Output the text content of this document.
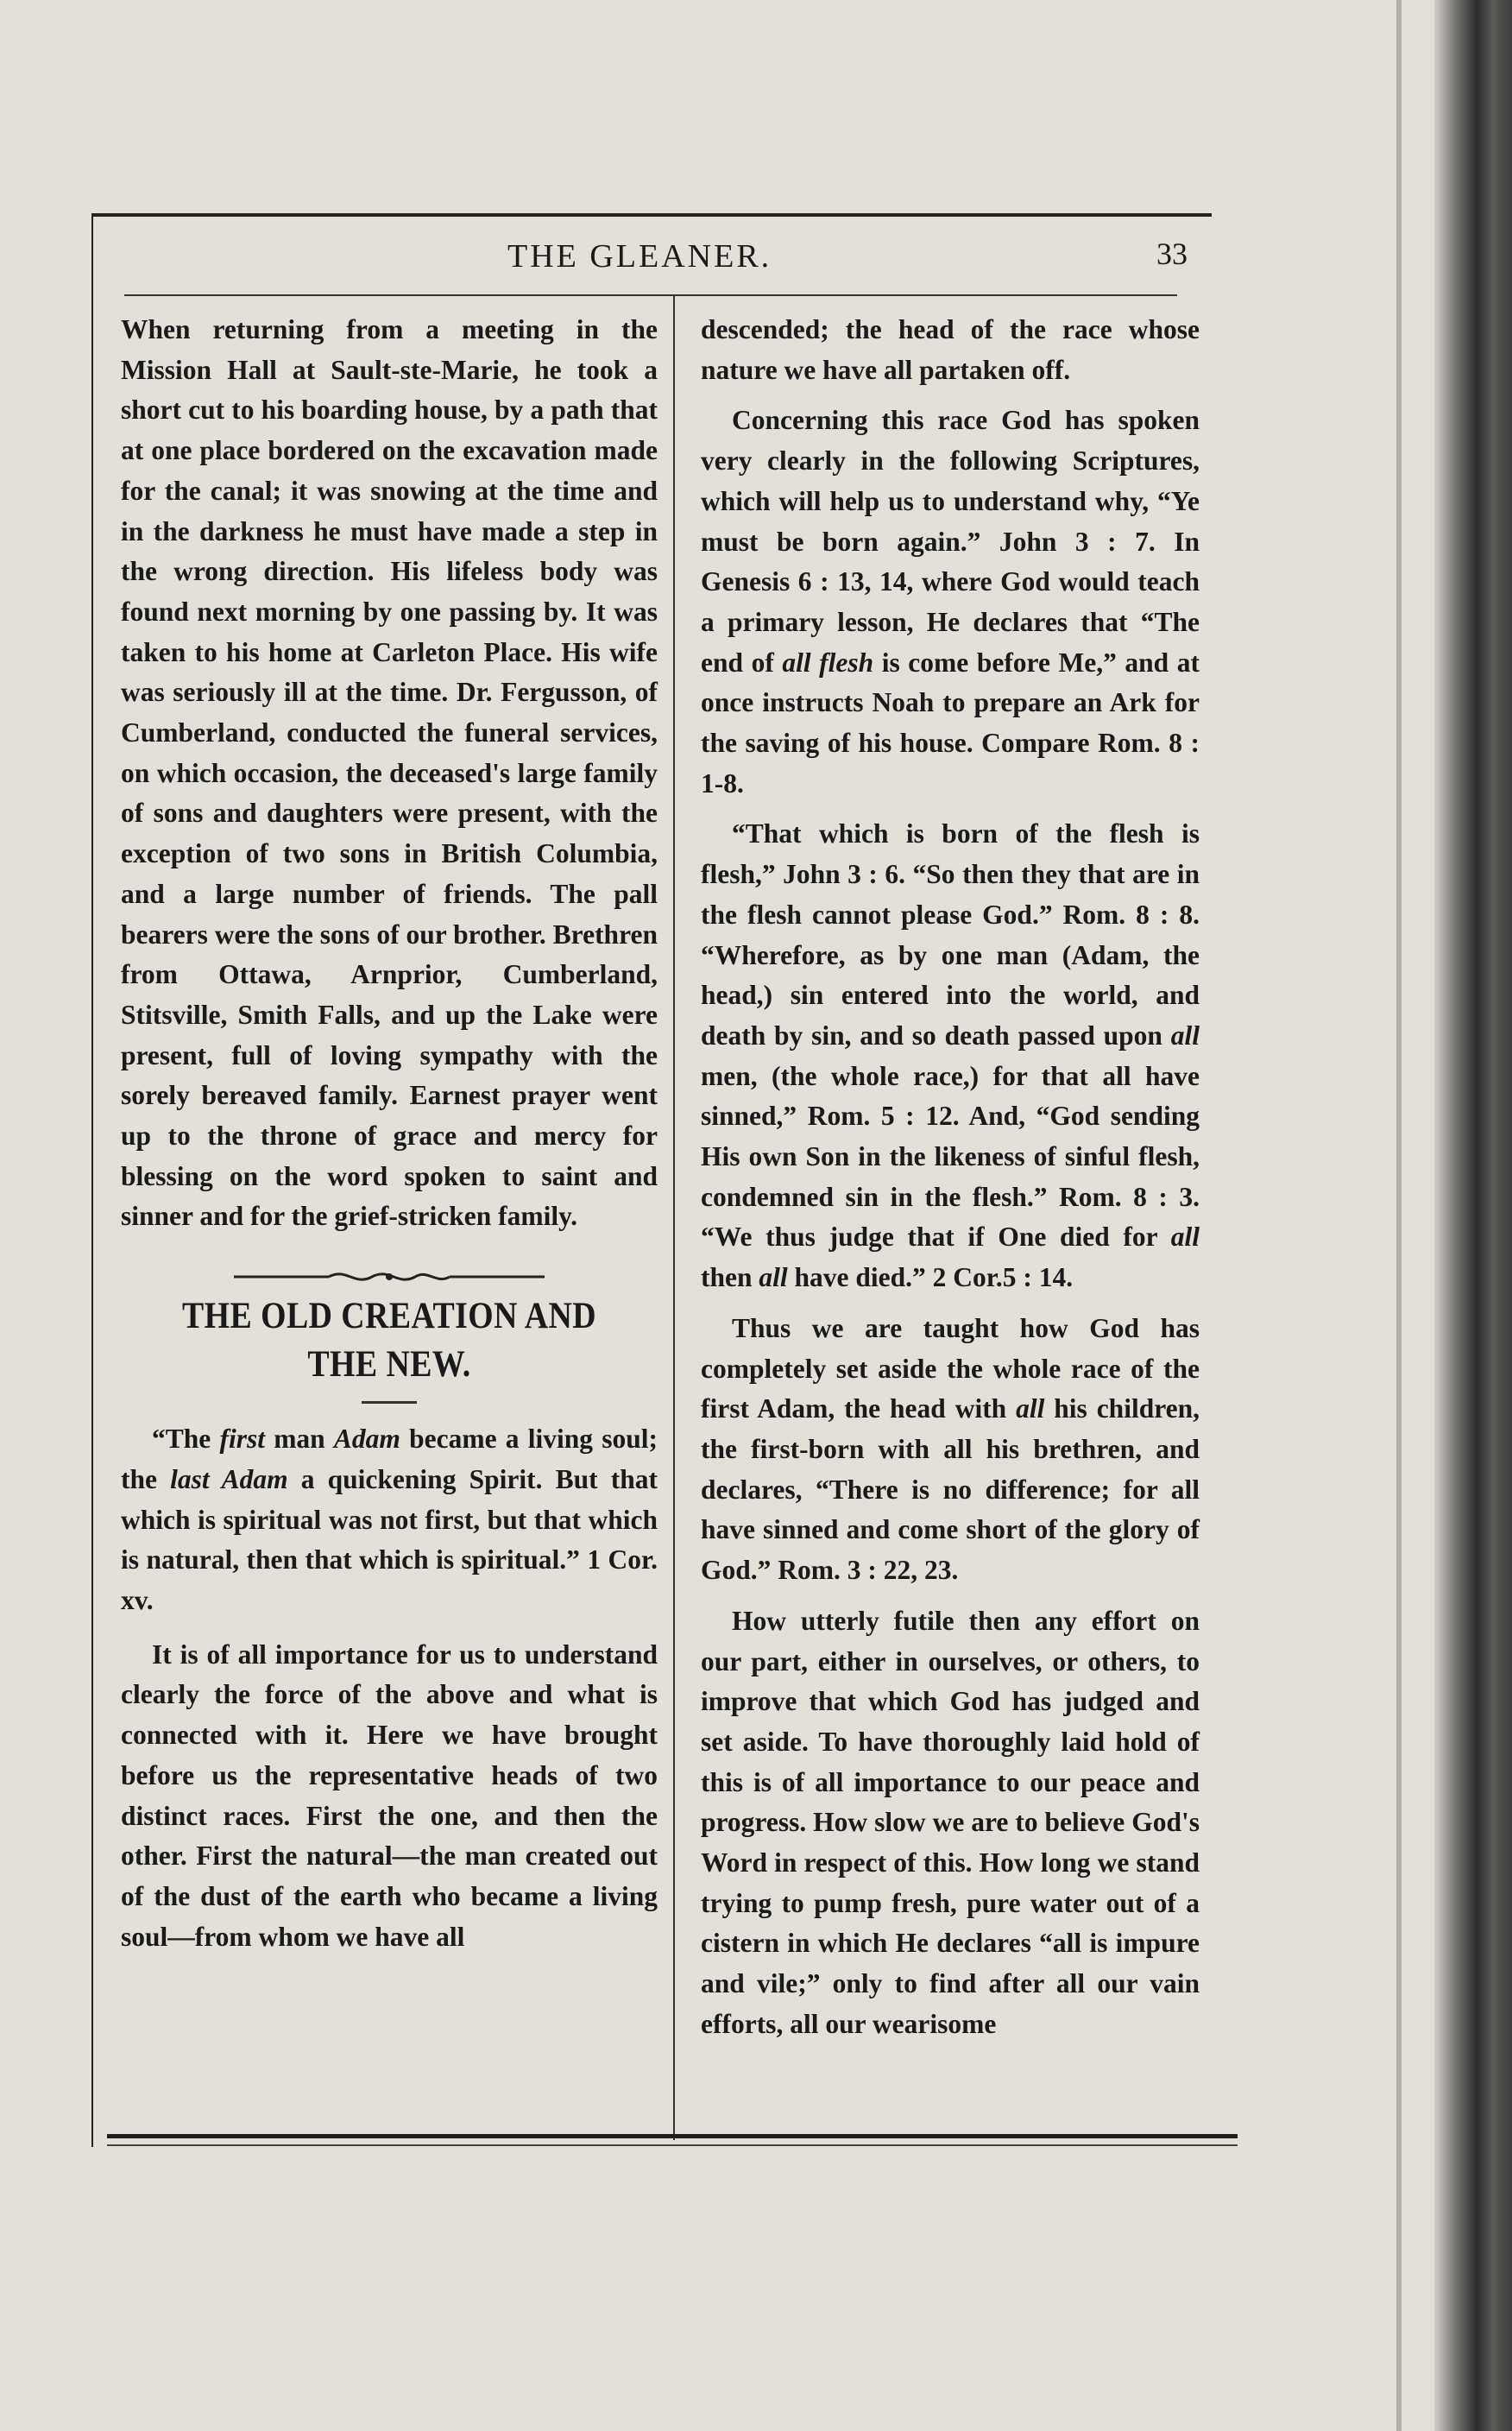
THE GLEANER.	33

When returning from a meeting in the Mission Hall at Sault-ste-Marie, he took a short cut to his boarding house, by a path that at one place bordered on the excavation made for the canal; it was snowing at the time and in the darkness he must have made a step in the wrong direction. His lifeless body was found next morning by one passing by. It was taken to his home at Carleton Place. His wife was seriously ill at the time. Dr. Fergusson, of Cumberland, conducted the funeral services, on which occasion, the deceased's large family of sons and daughters were present, with the exception of two sons in British Columbia, and a large number of friends. The pall bearers were the sons of our brother. Brethren from Ottawa, Arnprior, Cumberland, Stitsville, Smith Falls, and up the Lake were present, full of loving sympathy with the sorely bereaved family. Earnest prayer went up to the throne of grace and mercy for blessing on the word spoken to saint and sinner and for the grief-stricken family.

THE OLD CREATION AND
THE NEW.

“The first man Adam became a living soul; the last Adam a quickening Spirit. But that which is spiritual was not first, but that which is natural, then that which is spiritual.” 1 Cor. xv.

It is of all importance for us to understand clearly the force of the above and what is connected with it. Here we have brought before us the representative heads of two distinct races. First the one, and then the other. First the natural—the man created out of the dust of the earth who became a living soul—from whom we have all

descended; the head of the race whose nature we have all partaken off.

Concerning this race God has spoken very clearly in the following Scriptures, which will help us to understand why, “Ye must be born again.” John 3 : 7. In Genesis 6 : 13, 14, where God would teach a primary lesson, He declares that “The end of all flesh is come before Me,” and at once instructs Noah to prepare an Ark for the saving of his house. Compare Rom. 8 : 1-8.

“That which is born of the flesh is flesh,” John 3 : 6. “So then they that are in the flesh cannot please God.” Rom. 8 : 8. “Wherefore, as by one man (Adam, the head,) sin entered into the world, and death by sin, and so death passed upon all men, (the whole race,) for that all have sinned,” Rom. 5 : 12. And, “God sending His own Son in the likeness of sinful flesh, condemned sin in the flesh.” Rom. 8 : 3. “We thus judge that if One died for all then all have died.” 2 Cor.5 : 14.

Thus we are taught how God has completely set aside the whole race of the first Adam, the head with all his children, the first-born with all his brethren, and declares, “There is no difference; for all have sinned and come short of the glory of God.” Rom. 3 : 22, 23.

How utterly futile then any effort on our part, either in ourselves, or others, to improve that which God has judged and set aside. To have thoroughly laid hold of this is of all importance to our peace and progress. How slow we are to believe God's Word in respect of this. How long we stand trying to pump fresh, pure water out of a cistern in which He declares “all is impure and vile;” only to find after all our vain efforts, all our wearisome
